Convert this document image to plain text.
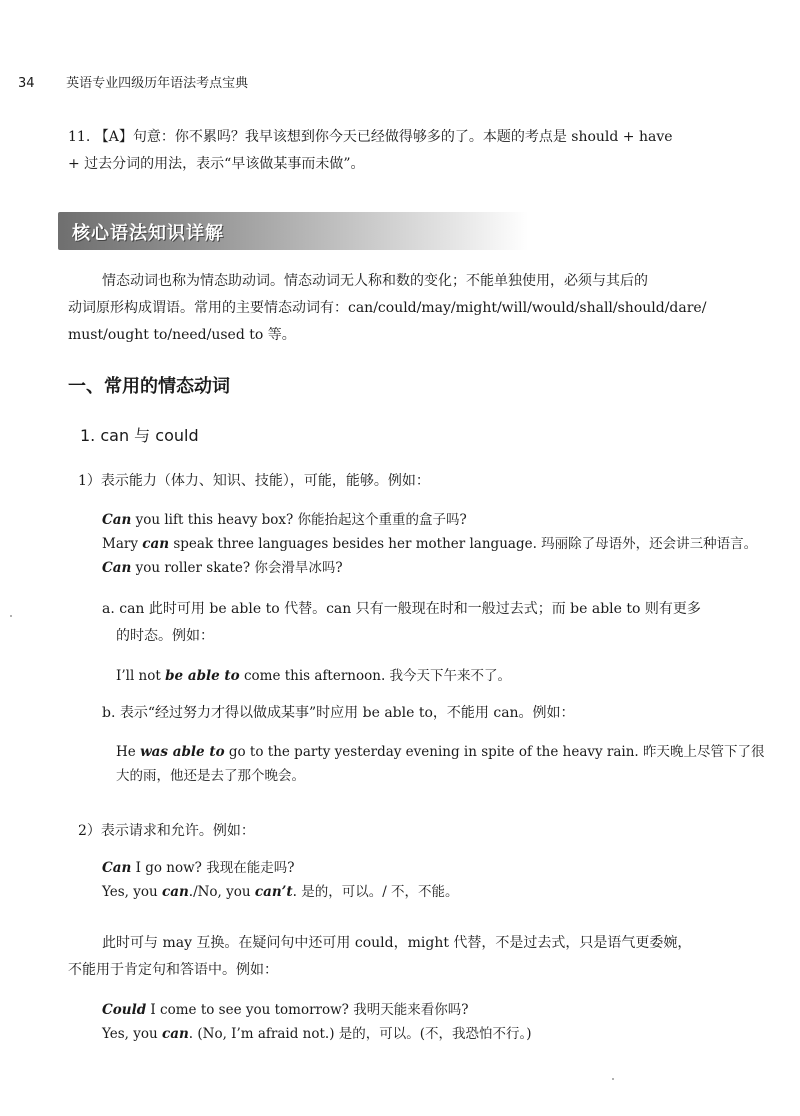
34 英语专业四级历年语法考点宝典
11. 【A】句意：你不累吗？我早该想到你今天已经做得够多的了。本题的考点是 should + have
+ 过去分词的用法，表示“早该做某事而未做”。
核心语法知识详解
情态动词也称为情态助动词。情态动词无人称和数的变化；不能单独使用，必须与其后的
动词原形构成谓语。常用的主要情态动词有：can/could/may/might/will/would/shall/should/dare/
must/ought to/need/used to 等。
一、常用的情态动词
1. can 与 could
1）表示能力（体力、知识、技能），可能，能够。例如：
Can you lift this heavy box? 你能抬起这个重重的盒子吗?
Mary can speak three languages besides her mother language. 玛丽除了母语外，还会讲三种语言。
Can you roller skate? 你会滑旱冰吗?
a. can 此时可用 be able to 代替。can 只有一般现在时和一般过去式；而 be able to 则有更多
的时态。例如：
I’ll not be able to come this afternoon. 我今天下午来不了。
b. 表示“经过努力才得以做成某事”时应用 be able to，不能用 can。例如：
He was able to go to the party yesterday evening in spite of the heavy rain. 昨天晚上尽管下了很
大的雨，他还是去了那个晚会。
2）表示请求和允许。例如：
Can I go now? 我现在能走吗?
Yes, you can./No, you can’t. 是的，可以。/ 不，不能。
此时可与 may 互换。在疑问句中还可用 could，might 代替，不是过去式，只是语气更委婉，
不能用于肯定句和答语中。例如：
Could I come to see you tomorrow? 我明天能来看你吗?
Yes, you can. (No, I’m afraid not.) 是的，可以。(不，我恐怕不行。)
